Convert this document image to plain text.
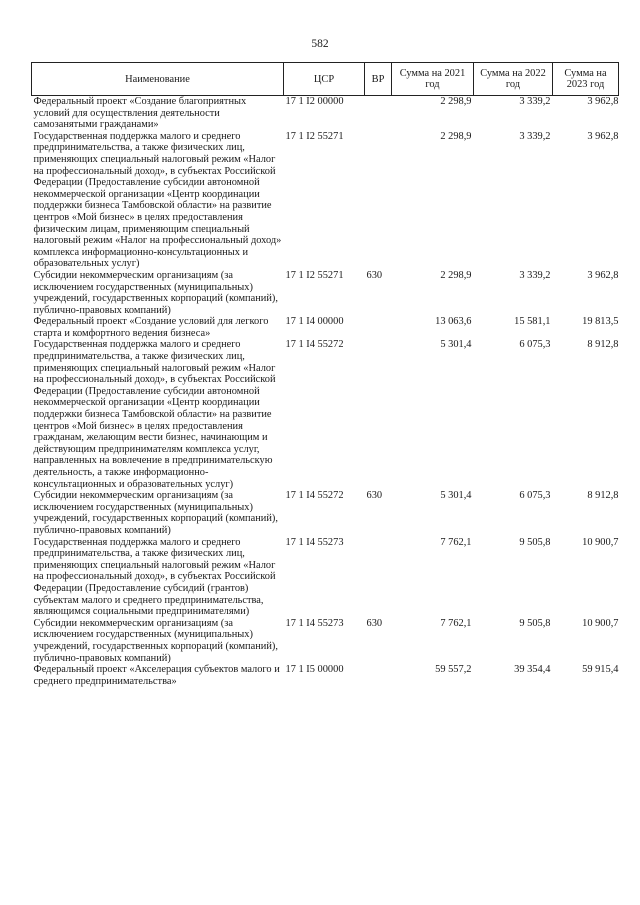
582
Наименование	ЦСР	ВР	Сумма на 2021 год	Сумма на 2022 год	Сумма на 2023 год
Федеральный проект «Создание благоприятных условий для осуществления деятельности самозанятыми гражданами»	17 1 I2 00000		2 298,9	3 339,2	3 962,8
Государственная поддержка малого и среднего предпринимательства, а также физических лиц, применяющих специальный налоговый режим «Налог на профессиональный доход», в субъектах Российской Федерации (Предоставление субсидии автономной некоммерческой организации «Центр координации поддержки бизнеса Тамбовской области» на развитие центров «Мой бизнес» в целях предоставления физическим лицам, применяющим специальный налоговый режим «Налог на профессиональный доход» комплекса информационно-консультационных и образовательных услуг)	17 1 I2 55271		2 298,9	3 339,2	3 962,8
Субсидии некоммерческим организациям (за исключением государственных (муниципальных) учреждений, государственных корпораций (компаний), публично-правовых компаний)	17 1 I2 55271	630	2 298,9	3 339,2	3 962,8
Федеральный проект «Создание условий для легкого старта и комфортного ведения бизнеса»	17 1 I4 00000		13 063,6	15 581,1	19 813,5
Государственная поддержка малого и среднего предпринимательства, а также физических лиц, применяющих специальный налоговый режим «Налог на профессиональный доход», в субъектах Российской Федерации (Предоставление субсидии автономной некоммерческой организации «Центр координации поддержки бизнеса Тамбовской области» на развитие центров «Мой бизнес» в целях предоставления гражданам, желающим вести бизнес, начинающим и действующим предпринимателям комплекса услуг, направленных на вовлечение в предпринимательскую деятельность, а также информационно-консультационных и образовательных услуг)	17 1 I4 55272		5 301,4	6 075,3	8 912,8
Субсидии некоммерческим организациям (за исключением государственных (муниципальных) учреждений, государственных корпораций (компаний), публично-правовых компаний)	17 1 I4 55272	630	5 301,4	6 075,3	8 912,8
Государственная поддержка малого и среднего предпринимательства, а также физических лиц, применяющих специальный налоговый режим «Налог на профессиональный доход», в субъектах Российской Федерации (Предоставление субсидий (грантов) субъектам малого и среднего предпринимательства, являющимся социальными предпринимателями)	17 1 I4 55273		7 762,1	9 505,8	10 900,7
Субсидии некоммерческим организациям (за исключением государственных (муниципальных) учреждений, государственных корпораций (компаний), публично-правовых компаний)	17 1 I4 55273	630	7 762,1	9 505,8	10 900,7
Федеральный проект «Акселерация субъектов малого и среднего предпринимательства»	17 1 I5 00000		59 557,2	39 354,4	59 915,4
